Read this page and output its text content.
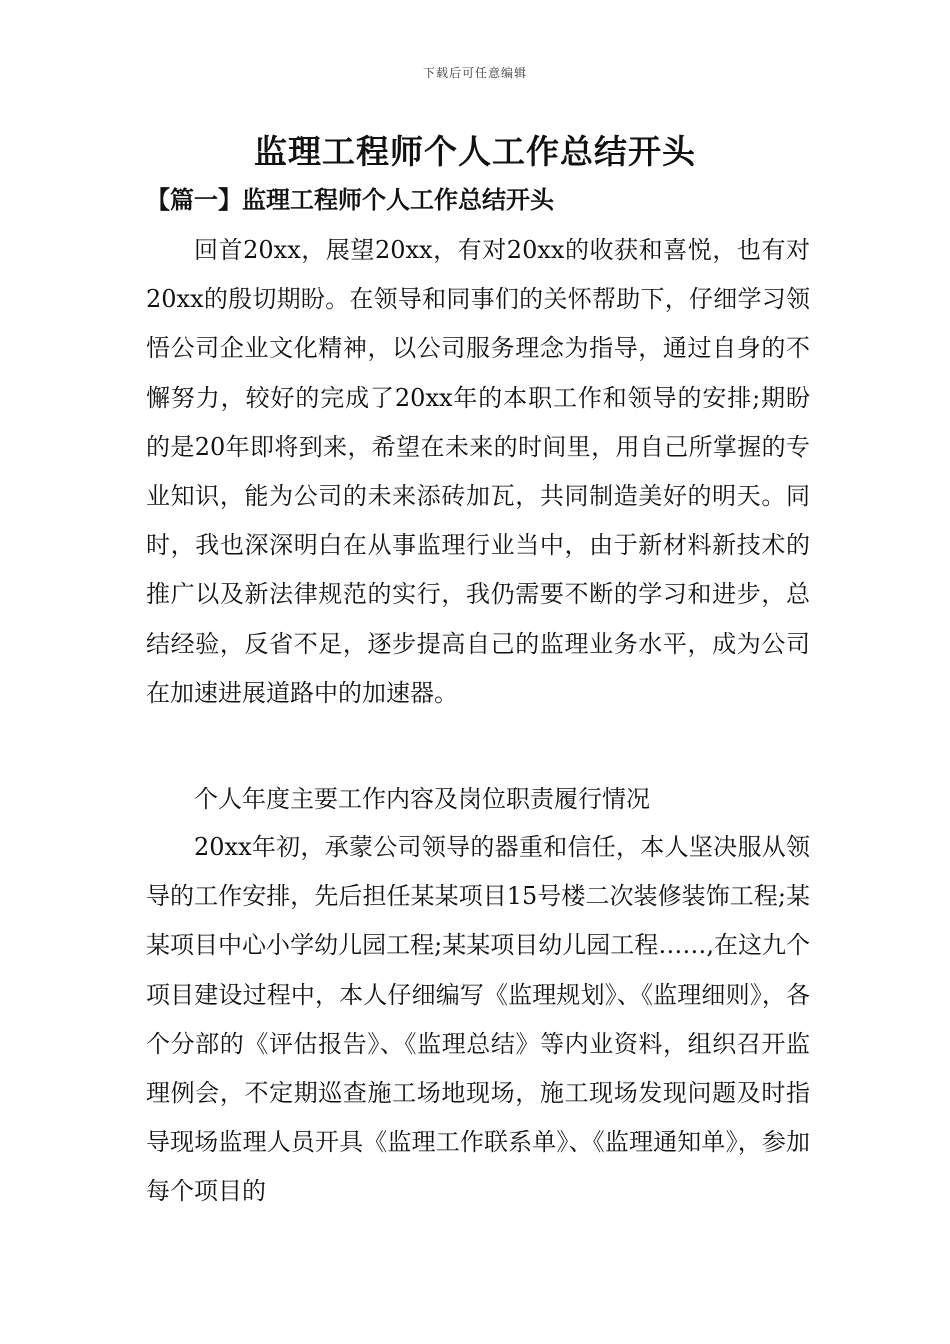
下载后可任意编辑
监理工程师个人工作总结开头
【篇一】监理工程师个人工作总结开头

回首20xx，展望20xx，有对20xx的收获和喜悦，也有对20xx的殷切期盼。在领导和同事们的关怀帮助下，仔细学习领悟公司企业文化精神，以公司服务理念为指导，通过自身的不懈努力，较好的完成了20xx年的本职工作和领导的安排;期盼的是20年即将到来，希望在未来的时间里，用自己所掌握的专业知识，能为公司的未来添砖加瓦，共同制造美好的明天。同时，我也深深明白在从事监理行业当中，由于新材料新技术的推广以及新法律规范的实行，我仍需要不断的学习和进步，总结经验，反省不足，逐步提高自己的监理业务水平，成为公司在加速进展道路中的加速器。

个人年度主要工作内容及岗位职责履行情况

20xx年初，承蒙公司领导的器重和信任，本人坚决服从领导的工作安排，先后担任某某项目15号楼二次装修装饰工程;某某项目中心小学幼儿园工程;某某项目幼儿园工程……,在这九个项目建设过程中，本人仔细编写《监理规划》、《监理细则》，各个分部的《评估报告》、《监理总结》等内业资料，组织召开监理例会，不定期巡查施工场地现场，施工现场发现问题及时指导现场监理人员开具《监理工作联系单》、《监理通知单》，参加每个项目的
